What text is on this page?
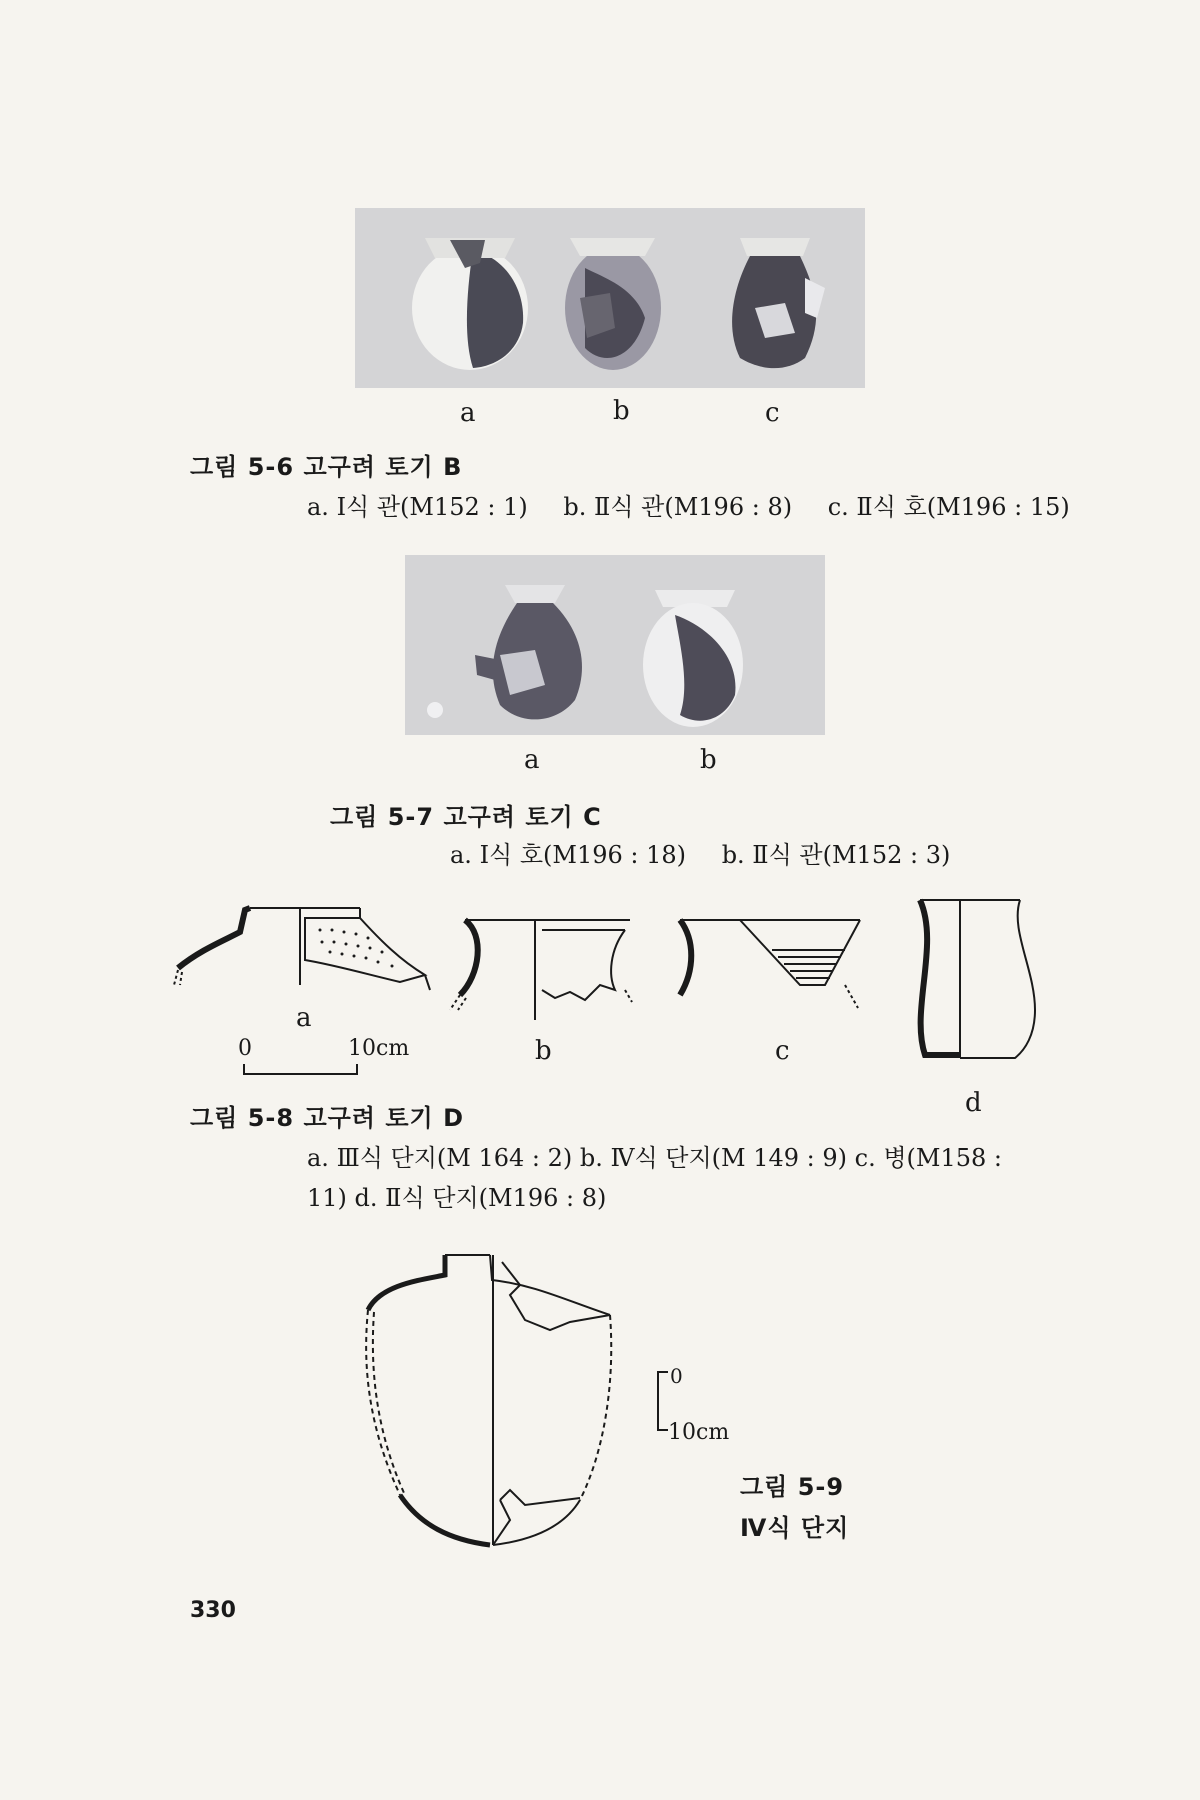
a	b	c
그림 5-6 고구려 토기 B
a. Ⅰ식 관(M152 : 1) b. Ⅱ식 관(M196 : 8) c. Ⅱ식 호(M196 : 15)
a	b
그림 5-7 고구려 토기 C
a. Ⅰ식 호(M196 : 18) b. Ⅱ식 관(M152 : 3)
a
b	c
d
0	10cm
그림 5-8 고구려 토기 D
a. Ⅲ식 단지(M 164 : 2) b. Ⅳ식 단지(M 149 : 9) c. 병(M158 :
11) d. Ⅱ식 단지(M196 : 8)
0
10cm
그림 5-9
Ⅳ식 단지
330
